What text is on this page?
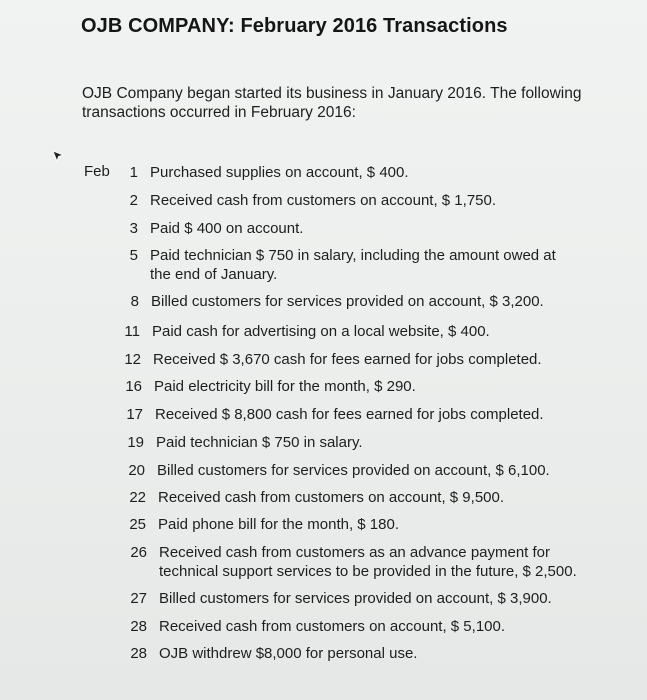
OJB COMPANY: February 2016 Transactions
OJB Company began started its business in January 2016. The following transactions occurred in February 2016:
Feb	1 Purchased supplies on account, $ 400.
2 Received cash from customers on account, $ 1,750.
3 Paid $ 400 on account.
5 Paid technician $ 750 in salary, including the amount owed at the end of January.
8 Billed customers for services provided on account, $ 3,200.
11 Paid cash for advertising on a local website, $ 400.
12 Received $ 3,670 cash for fees earned for jobs completed.
16 Paid electricity bill for the month, $ 290.
17 Received $ 8,800 cash for fees earned for jobs completed.
19 Paid technician $ 750 in salary.
20 Billed customers for services provided on account, $ 6,100.
22 Received cash from customers on account, $ 9,500.
25 Paid phone bill for the month, $ 180.
26 Received cash from customers as an advance payment for technical support services to be provided in the future, $ 2,500.
27 Billed customers for services provided on account, $ 3,900.
28 Received cash from customers on account, $ 5,100.
28 OJB withdrew $8,000 for personal use.
